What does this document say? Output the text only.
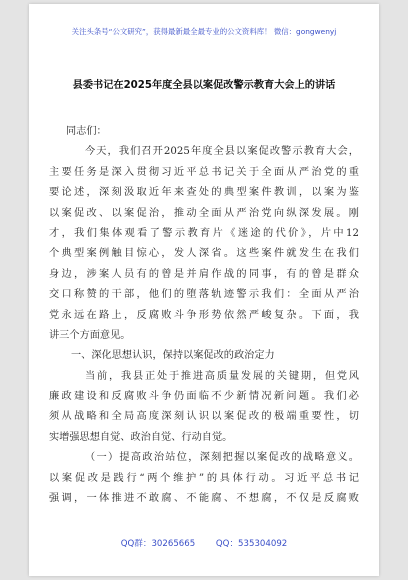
关注头条号“公文研究”，获得最新最全最专业的公文资料库！ 微信：gongwenyj
县委书记在2025年度全县以案促改警示教育大会上的讲话
同志们：
今天，我们召开2025年度全县以案促改警示教育大会，
主要任务是深入贯彻习近平总书记关于全面从严治党的重
要论述，深刻汲取近年来查处的典型案件教训，以案为鉴
以案促改、以案促治，推动全面从严治党向纵深发展。刚
才，我们集体观看了警示教育片《迷途的代价》，片中12
个典型案例触目惊心，发人深省。这些案件就发生在我们
身边，涉案人员有的曾是并肩作战的同事，有的曾是群众
交口称赞的干部，他们的堕落轨迹警示我们：全面从严治
党永远在路上，反腐败斗争形势依然严峻复杂。下面，我
讲三个方面意见。
一、深化思想认识，保持以案促改的政治定力
当前，我县正处于推进高质量发展的关键期，但党风
廉政建设和反腐败斗争仍面临不少新情况新问题。我们必
须从战略和全局高度深刻认识以案促改的极端重要性，切
实增强思想自觉、政治自觉、行动自觉。
（一）提高政治站位，深刻把握以案促改的战略意义。
以案促改是践行“两个维护”的具体行动。习近平总书记
强调，一体推进不敢腐、不能腐、不想腐，不仅是反腐败
QQ群：30265665 QQ：535304092
